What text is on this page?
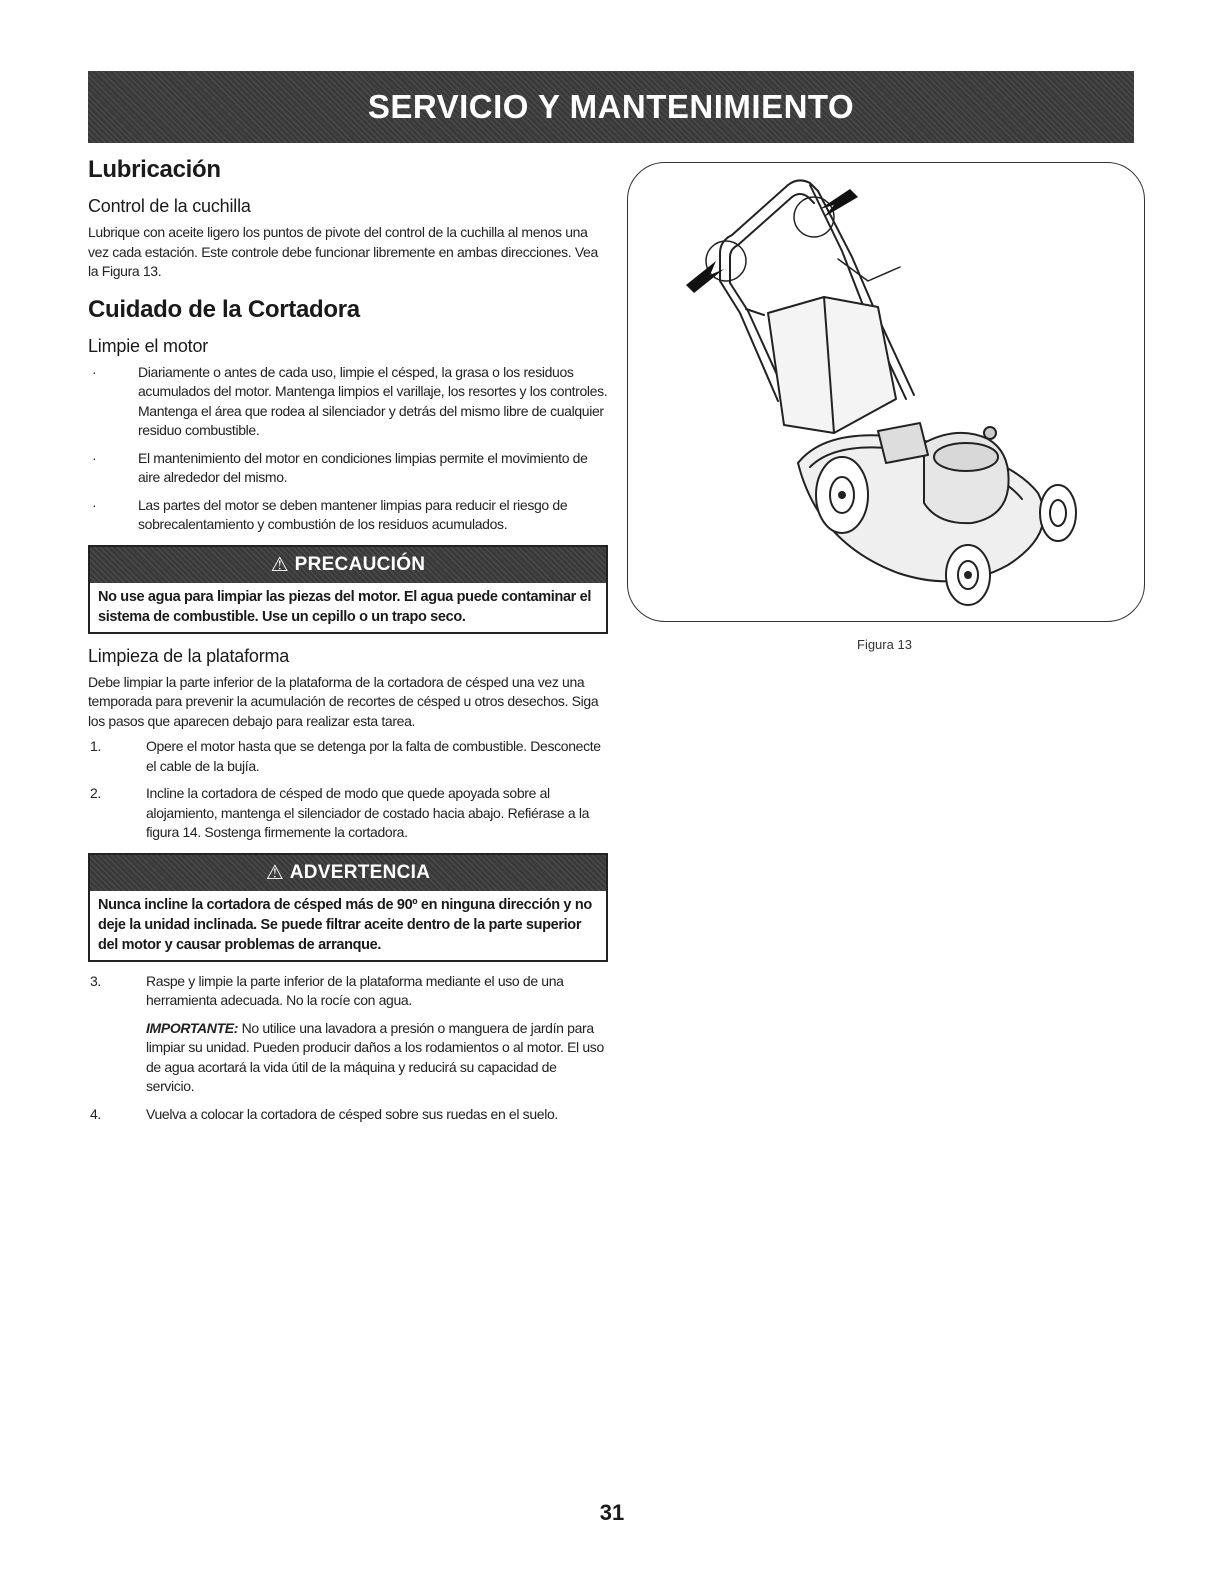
SERVICIO Y MANTENIMIENTO
Lubricación
Control de la cuchilla

Lubrique con aceite ligero los puntos de pivote del control de la cuchilla al menos una vez cada estación. Este controle debe funcionar libremente en ambas direcciones. Vea la Figura 13.

Cuidado de la Cortadora
Limpie el motor
·	Diariamente o antes de cada uso, limpie el césped, la grasa o los residuos acumulados del motor. Mantenga limpios el varillaje, los resortes y los controles. Mantenga el área que rodea al silenciador y detrás del mismo libre de cualquier residuo combustible.
·	El mantenimiento del motor en condiciones limpias permite el movimiento de aire alrededor del mismo.
·	Las partes del motor se deben mantener limpias para reducir el riesgo de sobrecalentamiento y combustión de los residuos acumulados.
⚠ PRECAUCIÓN
No use agua para limpiar las piezas del motor. El agua puede contaminar el sistema de combustible. Use un cepillo o un trapo seco.
Limpieza de la plataforma

Debe limpiar la parte inferior de la plataforma de la cortadora de césped una vez una temporada para prevenir la acumulación de recortes de césped u otros desechos. Siga los pasos que aparecen debajo para realizar esta tarea.

1.	Opere el motor hasta que se detenga por la falta de combustible. Desconecte el cable de la bujía.
2.	Incline la cortadora de césped de modo que quede apoyada sobre al alojamiento, mantenga el silenciador de costado hacia abajo. Refiérase a la figura 14. Sostenga firmemente la cortadora.
⚠ ADVERTENCIA
Nunca incline la cortadora de césped más de 90º en ninguna dirección y no deje la unidad inclinada. Se puede filtrar aceite dentro de la parte superior del motor y causar problemas de arranque.
3.	Raspe y limpie la parte inferior de la plataforma mediante el uso de una herramienta adecuada. No la rocíe con agua.
IMPORTANTE: No utilice una lavadora a presión o manguera de jardín para limpiar su unidad. Pueden producir daños a los rodamientos o al motor. El uso de agua acortará la vida útil de la máquina y reducirá su capacidad de servicio.
4.	Vuelva a colocar la cortadora de césped sobre sus ruedas en el suelo.
Figura 13
31
